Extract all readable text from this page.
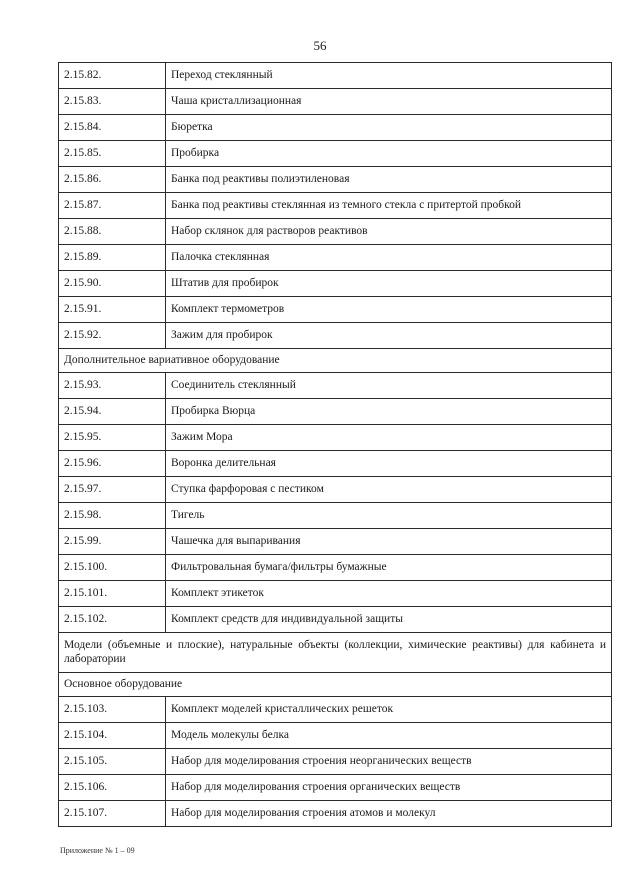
56
2.15.82.	Переход стеклянный
2.15.83.	Чаша кристаллизационная
2.15.84.	Бюретка
2.15.85.	Пробирка
2.15.86.	Банка под реактивы полиэтиленовая
2.15.87.	Банка под реактивы стеклянная из темного стекла с притертой пробкой
2.15.88.	Набор склянок для растворов реактивов
2.15.89.	Палочка стеклянная
2.15.90.	Штатив для пробирок
2.15.91.	Комплект термометров
2.15.92.	Зажим для пробирок
Дополнительное вариативное оборудование	
2.15.93.	Соединитель стеклянный
2.15.94.	Пробирка Вюрца
2.15.95.	Зажим Мора
2.15.96.	Воронка делительная
2.15.97.	Ступка фарфоровая с пестиком
2.15.98.	Тигель
2.15.99.	Чашечка для выпаривания
2.15.100.	Фильтровальная бумага/фильтры бумажные
2.15.101.	Комплект этикеток
2.15.102.	Комплект средств для индивидуальной защиты
Модели (объемные и плоские), натуральные объекты (коллекции, химические реактивы) для кабинета и лаборатории	
Основное оборудование	
2.15.103.	Комплект моделей кристаллических решеток
2.15.104.	Модель молекулы белка
2.15.105.	Набор для моделирования строения неорганических веществ
2.15.106.	Набор для моделирования строения органических веществ
2.15.107.	Набор для моделирования строения атомов и молекул
Приложение № 1 – 09
